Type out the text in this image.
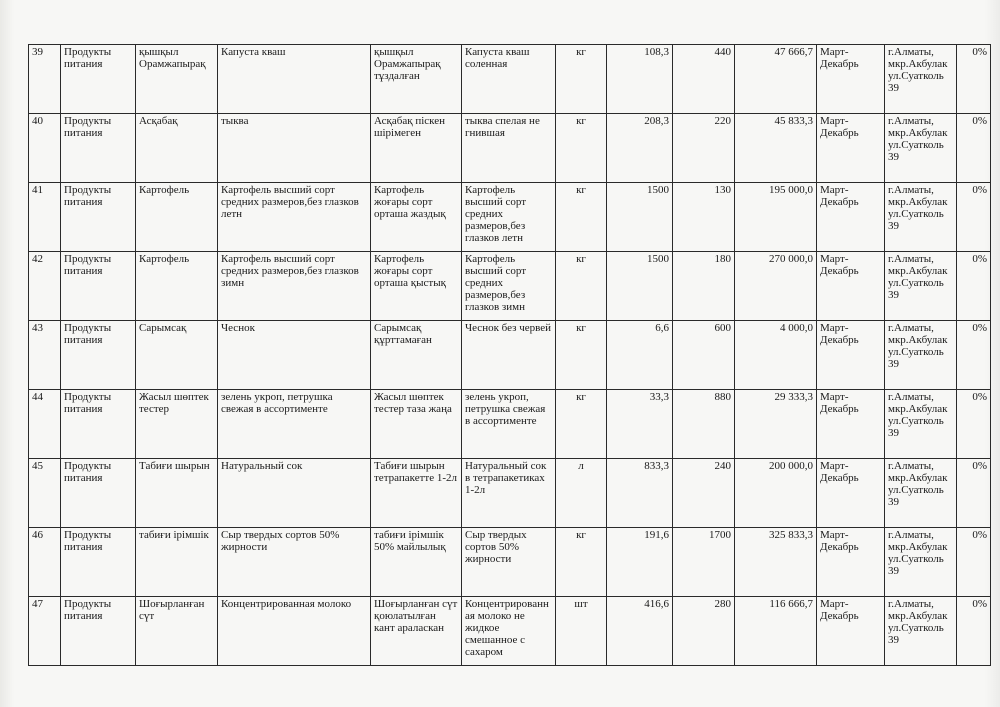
39	Продукты питания	қышқыл Орамжапырақ	Капуста кваш	қышқыл Орамжапырақ тұздалған	Капуста кваш соленная	кг	108,3	440	47 666,7	Март-Декабрь	г.Алматы, мкр.Акбулак ул.Суатколь 39	0%
40	Продукты питания	Асқабақ	тыква	Асқабақ піскен шірімеген	тыква спелая не гнившая	кг	208,3	220	45 833,3	Март-Декабрь	г.Алматы, мкр.Акбулак ул.Суатколь 39	0%
41	Продукты питания	Картофель	Картофель высший сорт средних размеров,без глазков летн	Картофель жоғары сорт орташа жаздық	Картофель высший сорт средних размеров,без глазков летн	кг	1500	130	195 000,0	Март-Декабрь	г.Алматы, мкр.Акбулак ул.Суатколь 39	0%
42	Продукты питания	Картофель	Картофель высший сорт средних размеров,без глазков зимн	Картофель жоғары сорт орташа қыстық	Картофель высший сорт средних размеров,без глазков зимн	кг	1500	180	270 000,0	Март-Декабрь	г.Алматы, мкр.Акбулак ул.Суатколь 39	0%
43	Продукты питания	Сарымсақ	Чеснок	Сарымсақ құрттамаған	Чеснок без червей	кг	6,6	600	4 000,0	Март-Декабрь	г.Алматы, мкр.Акбулак ул.Суатколь 39	0%
44	Продукты питания	Жасыл шөптек тестер	зелень укроп, петрушка свежая в ассортименте	Жасыл шөптек тестер таза жаңа	зелень укроп, петрушка свежая в ассортименте	кг	33,3	880	29 333,3	Март-Декабрь	г.Алматы, мкр.Акбулак ул.Суатколь 39	0%
45	Продукты питания	Табиғи шырын	Натуральный сок	Табиғи шырын тетрапакетте 1-2л	Натуральный сок в тетрапакетиках 1-2л	л	833,3	240	200 000,0	Март-Декабрь	г.Алматы, мкр.Акбулак ул.Суатколь 39	0%
46	Продукты питания	табиғи ірімшік	Сыр твердых сортов 50% жирности	табиғи ірімшік 50% майлылық	Сыр твердых сортов 50% жирности	кг	191,6	1700	325 833,3	Март-Декабрь	г.Алматы, мкр.Акбулак ул.Суатколь 39	0%
47	Продукты питания	Шоғырланған сүт	Концентрированная молоко	Шоғырланған сүт қоюлатылған кант араласкан	Концентрированная молоко не жидкое смешанное с сахаром	шт	416,6	280	116 666,7	Март-Декабрь	г.Алматы, мкр.Акбулак ул.Суатколь 39	0%
